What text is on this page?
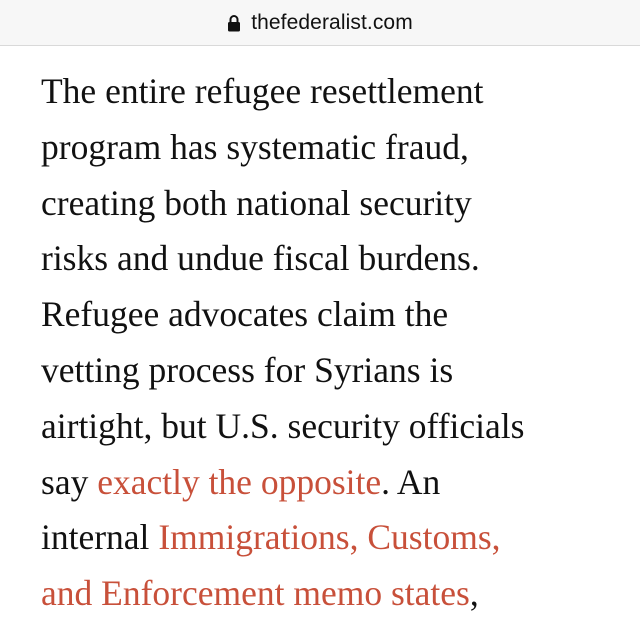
thefederalist.com
The entire refugee resettlement
program has systematic fraud,
creating both national security
risks and undue fiscal burdens.
Refugee advocates claim the
vetting process for Syrians is
airtight, but U.S. security officials
say exactly the opposite. An
internal Immigrations, Customs,
and Enforcement memo states,
